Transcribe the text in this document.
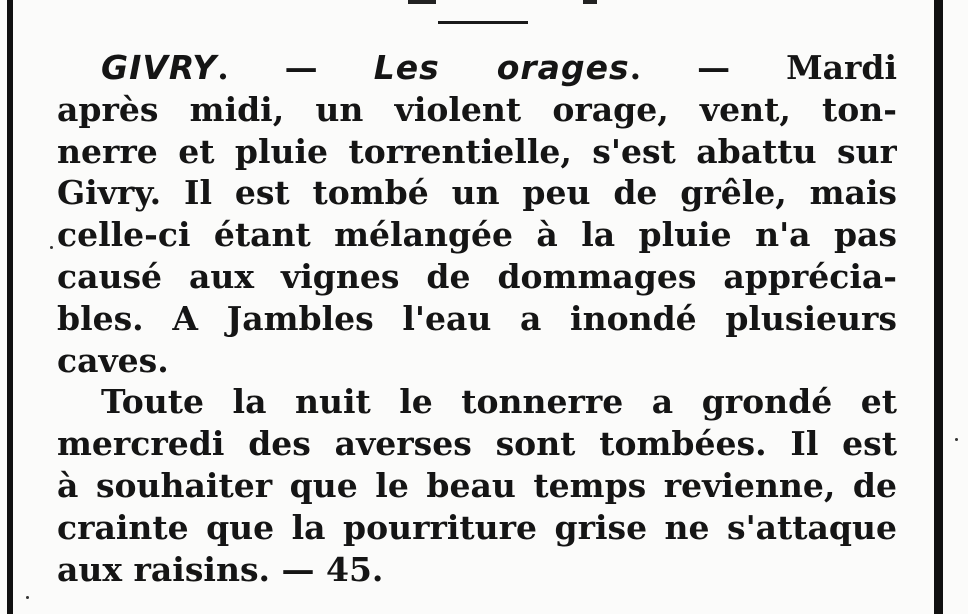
GIVRY. — Les orages. — Mardi
après midi, un violent orage, vent, ton-
nerre et pluie torrentielle, s'est abattu sur
Givry. Il est tombé un peu de grêle, mais
celle-ci étant mélangée à la pluie n'a pas
causé aux vignes de dommages apprécia-
bles. A Jambles l'eau a inondé plusieurs
caves.
Toute la nuit le tonnerre a grondé et
mercredi des averses sont tombées. Il est
à souhaiter que le beau temps revienne, de
crainte que la pourriture grise ne s'attaque
aux raisins. — 45.
